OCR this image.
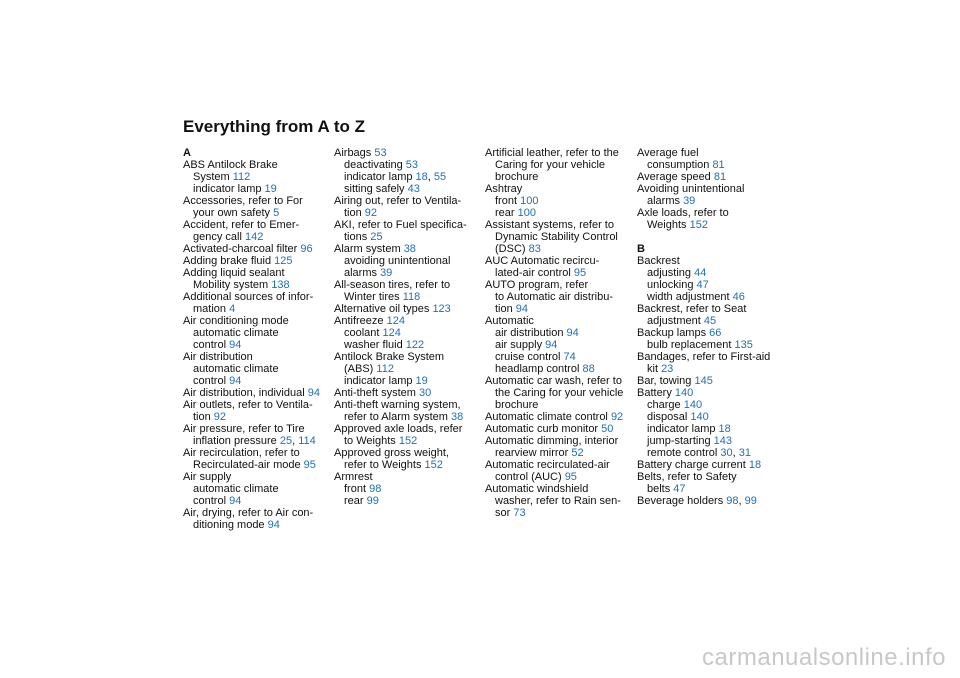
Everything from A to Z
A
ABS Antilock Brake
System 112
indicator lamp 19
Accessories, refer to For
your own safety 5
Accident, refer to Emer-
gency call 142
Activated-charcoal filter 96
Adding brake fluid 125
Adding liquid sealant
Mobility system 138
Additional sources of infor-
mation 4
Air conditioning mode
automatic climate
control 94
Air distribution
automatic climate
control 94
Air distribution, individual 94
Air outlets, refer to Ventila-
tion 92
Air pressure, refer to Tire
inflation pressure 25, 114
Air recirculation, refer to
Recirculated-air mode 95
Air supply
automatic climate
control 94
Air, drying, refer to Air con-
ditioning mode 94
Airbags 53
deactivating 53
indicator lamp 18, 55
sitting safely 43
Airing out, refer to Ventila-
tion 92
AKI, refer to Fuel specifica-
tions 25
Alarm system 38
avoiding unintentional
alarms 39
All-season tires, refer to
Winter tires 118
Alternative oil types 123
Antifreeze 124
coolant 124
washer fluid 122
Antilock Brake System
(ABS) 112
indicator lamp 19
Anti-theft system 30
Anti-theft warning system,
refer to Alarm system 38
Approved axle loads, refer
to Weights 152
Approved gross weight,
refer to Weights 152
Armrest
front 98
rear 99
Artificial leather, refer to the
Caring for your vehicle
brochure
Ashtray
front 100
rear 100
Assistant systems, refer to
Dynamic Stability Control
(DSC) 83
AUC Automatic recircu-
lated-air control 95
AUTO program, refer
to Automatic air distribu-
tion 94
Automatic
air distribution 94
air supply 94
cruise control 74
headlamp control 88
Automatic car wash, refer to
the Caring for your vehicle
brochure
Automatic climate control 92
Automatic curb monitor 50
Automatic dimming, interior
rearview mirror 52
Automatic recirculated-air
control (AUC) 95
Automatic windshield
washer, refer to Rain sen-
sor 73
Average fuel
consumption 81
Average speed 81
Avoiding unintentional
alarms 39
Axle loads, refer to
Weights 152
B
Backrest
adjusting 44
unlocking 47
width adjustment 46
Backrest, refer to Seat
adjustment 45
Backup lamps 66
bulb replacement 135
Bandages, refer to First-aid
kit 23
Bar, towing 145
Battery 140
charge 140
disposal 140
indicator lamp 18
jump-starting 143
remote control 30, 31
Battery charge current 18
Belts, refer to Safety
belts 47
Beverage holders 98, 99
carmanualsonline.info
